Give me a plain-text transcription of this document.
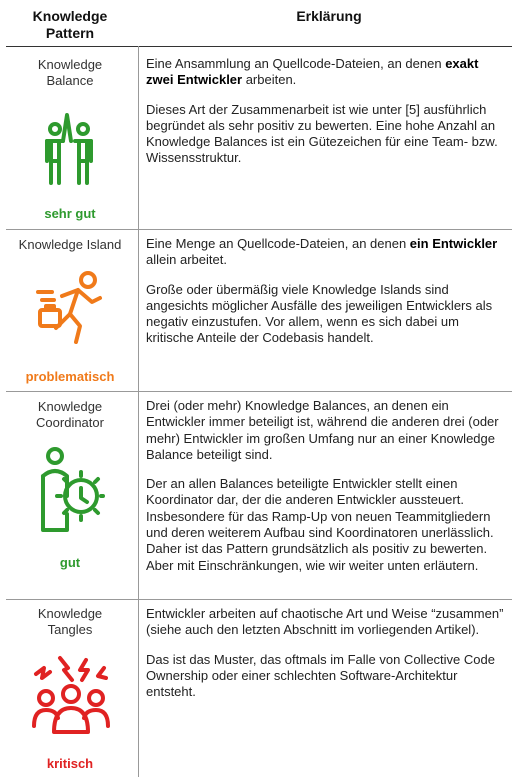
Knowledge
Pattern
Erklärung
Knowledge
Balance
sehr gut

Eine Ansammlung an Quellcode-Dateien, an denen exakt zwei Entwickler arbeiten.

Dieses Art der Zusammenarbeit ist wie unter [5] ausführlich begründet als sehr positiv zu bewerten. Eine hohe Anzahl an Knowledge Balances ist ein Gütezeichen für eine Team- bzw. Wissensstruktur.

Knowledge Island
problematisch

Eine Menge an Quellcode-Dateien, an denen ein Entwickler allein arbeitet.

Große oder übermäßig viele Knowledge Islands sind angesichts möglicher Ausfälle des jeweiligen Entwicklers als negativ einzustufen. Vor allem, wenn es sich dabei um kritische Anteile der Codebasis handelt.

Knowledge
Coordinator
gut

Drei (oder mehr) Knowledge Balances, an denen ein Entwickler immer beteiligt ist, während die anderen drei (oder mehr) Entwickler im großen Umfang nur an einer Knowledge Balance beteiligt sind.

Der an allen Balances beteiligte Entwickler stellt einen Koordinator dar, der die anderen Entwickler aussteuert. Insbesondere für das Ramp-Up von neuen Teammitgliedern und deren weiterem Aufbau sind Koordinatoren unerlässlich. Daher ist das Pattern grundsätzlich als positiv zu bewerten. Aber mit Einschränkungen, wie wir weiter unten erläutern.

Knowledge
Tangles
kritisch

Entwickler arbeiten auf chaotische Art und Weise “zusammen” (siehe auch den letzten Abschnitt im vorliegenden Artikel).

Das ist das Muster, das oftmals im Falle von Collective Code Ownership oder einer schlechten Software-Architektur entsteht.
